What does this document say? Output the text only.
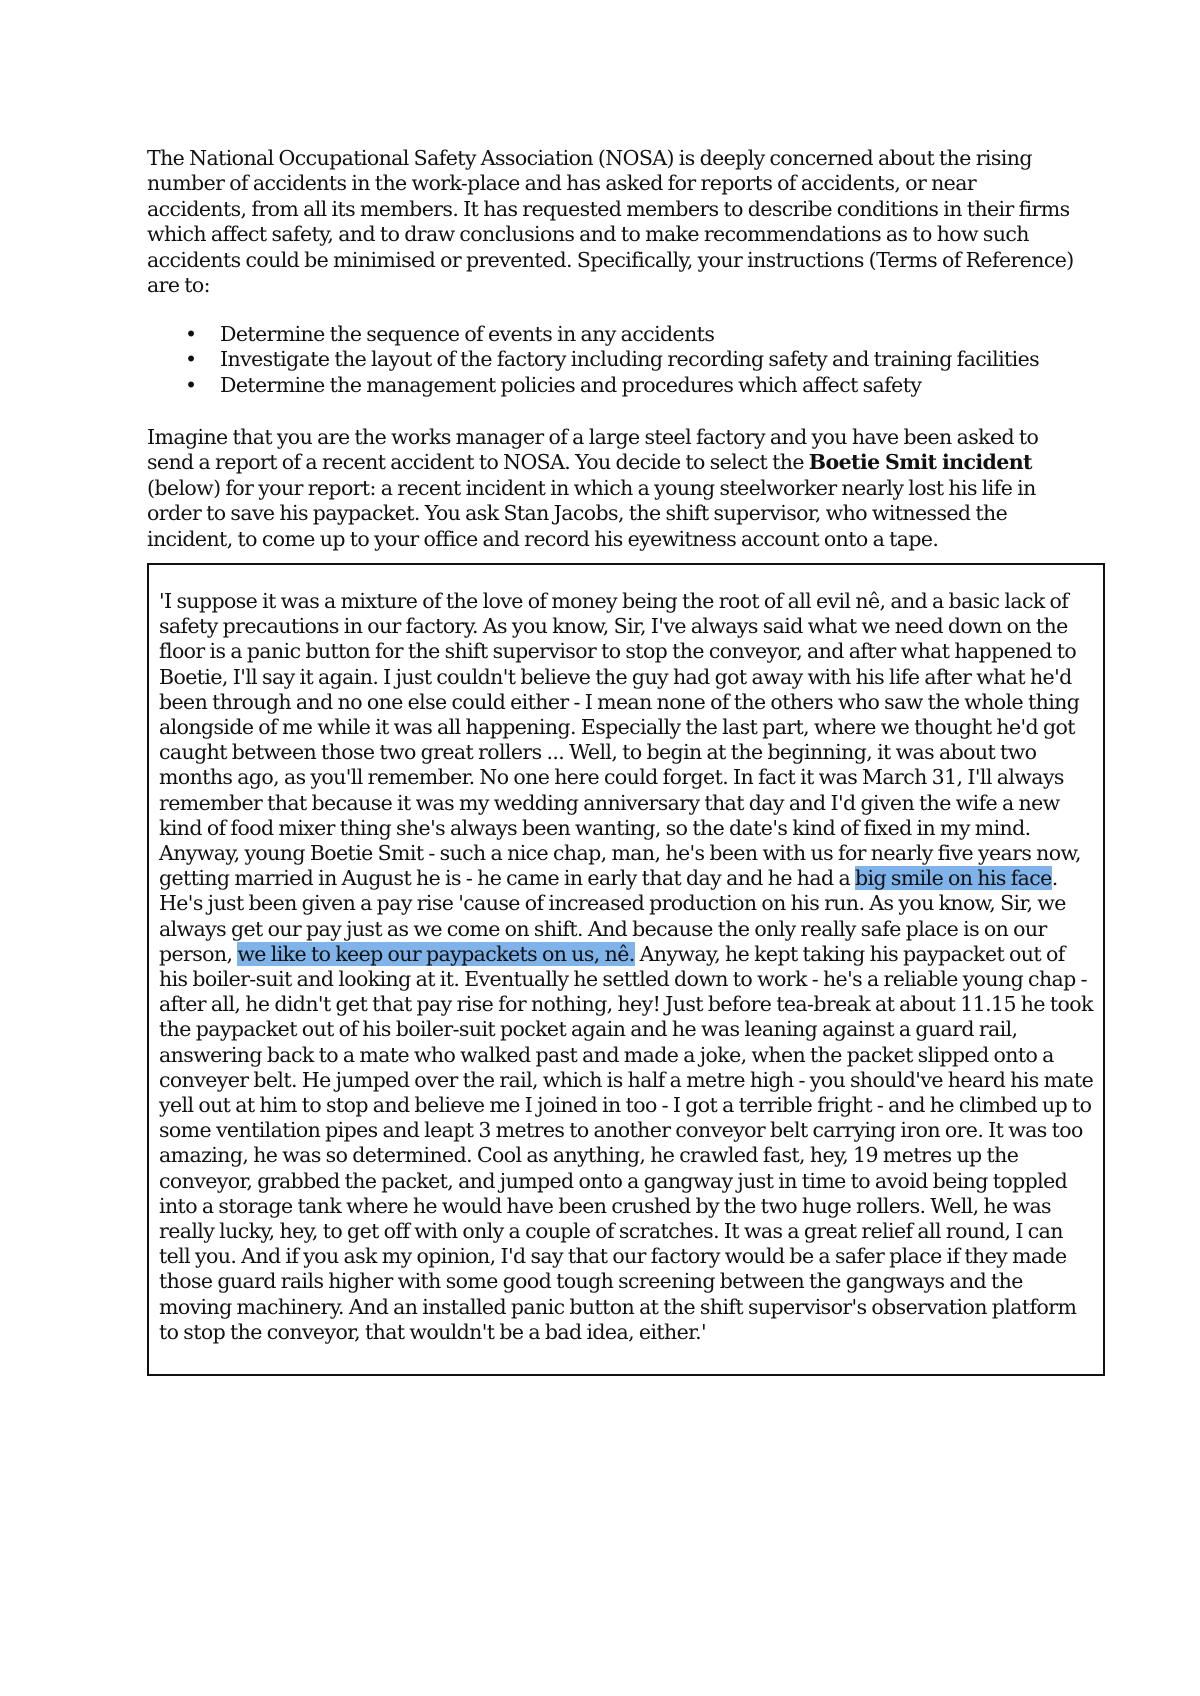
The National Occupational Safety Association (NOSA) is deeply concerned about the rising number of accidents in the work-place and has asked for reports of accidents, or near accidents, from all its members. It has requested members to describe conditions in their firms which affect safety, and to draw conclusions and to make recommendations as to how such accidents could be minimised or prevented. Specifically, your instructions (Terms of Reference) are to:

• Determine the sequence of events in any accidents
• Investigate the layout of the factory including recording safety and training facilities
• Determine the management policies and procedures which affect safety

Imagine that you are the works manager of a large steel factory and you have been asked to send a report of a recent accident to NOSA. You decide to select the Boetie Smit incident (below) for your report: a recent incident in which a young steelworker nearly lost his life in order to save his paypacket. You ask Stan Jacobs, the shift supervisor, who witnessed the incident, to come up to your office and record his eyewitness account onto a tape.

'I suppose it was a mixture of the love of money being the root of all evil nê, and a basic lack of safety precautions in our factory. As you know, Sir, I've always said what we need down on the floor is a panic button for the shift supervisor to stop the conveyor, and after what happened to Boetie, I'll say it again. I just couldn't believe the guy had got away with his life after what he'd been through and no one else could either - I mean none of the others who saw the whole thing alongside of me while it was all happening. Especially the last part, where we thought he'd got caught between those two great rollers ... Well, to begin at the beginning, it was about two months ago, as you'll remember. No one here could forget. In fact it was March 31, I'll always remember that because it was my wedding anniversary that day and I'd given the wife a new kind of food mixer thing she's always been wanting, so the date's kind of fixed in my mind. Anyway, young Boetie Smit - such a nice chap, man, he's been with us for nearly five years now, getting married in August he is - he came in early that day and he had a big smile on his face. He's just been given a pay rise 'cause of increased production on his run. As you know, Sir, we always get our pay just as we come on shift. And because the only really safe place is on our person, we like to keep our paypackets on us, nê. Anyway, he kept taking his paypacket out of his boiler-suit and looking at it. Eventually he settled down to work - he's a reliable young chap - after all, he didn't get that pay rise for nothing, hey! Just before tea-break at about 11.15 he took the paypacket out of his boiler-suit pocket again and he was leaning against a guard rail, answering back to a mate who walked past and made a joke, when the packet slipped onto a conveyer belt. He jumped over the rail, which is half a metre high - you should've heard his mate yell out at him to stop and believe me I joined in too - I got a terrible fright - and he climbed up to some ventilation pipes and leapt 3 metres to another conveyor belt carrying iron ore. It was too amazing, he was so determined. Cool as anything, he crawled fast, hey, 19 metres up the conveyor, grabbed the packet, and jumped onto a gangway just in time to avoid being toppled into a storage tank where he would have been crushed by the two huge rollers. Well, he was really lucky, hey, to get off with only a couple of scratches. It was a great relief all round, I can tell you. And if you ask my opinion, I'd say that our factory would be a safer place if they made those guard rails higher with some good tough screening between the gangways and the moving machinery. And an installed panic button at the shift supervisor's observation platform to stop the conveyor, that wouldn't be a bad idea, either.'
